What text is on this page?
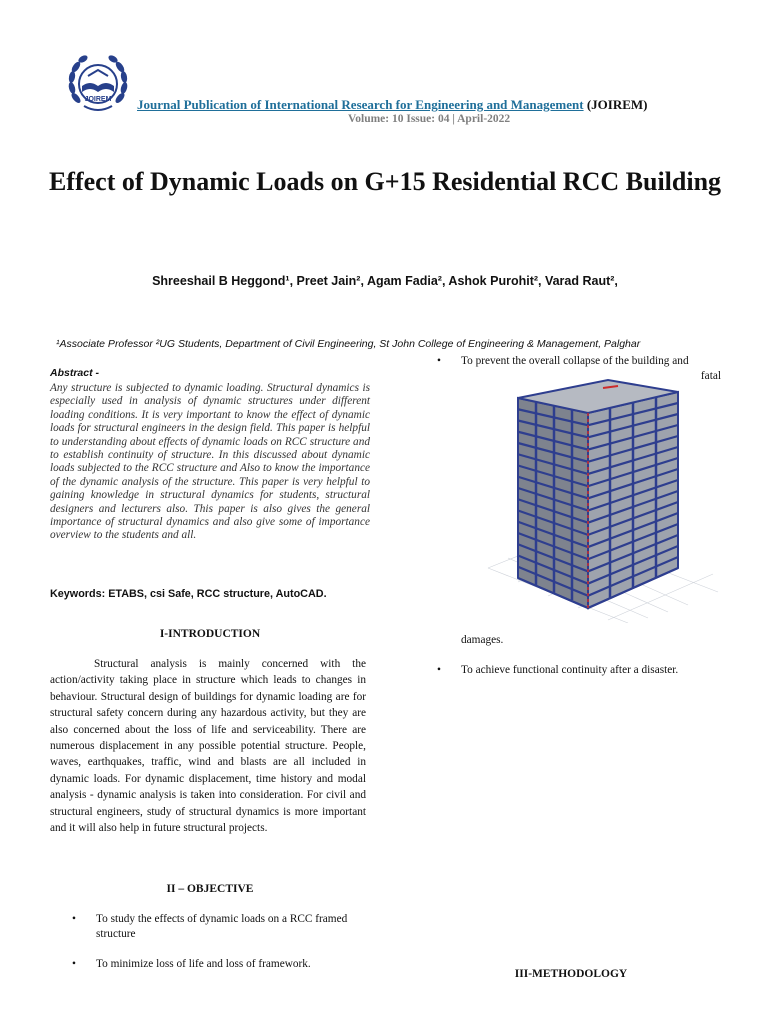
JOIREM Journal Publication of International Research for Engineering and Management (JOIREM)
Volume: 10 Issue: 04 | April-2022
Effect of Dynamic Loads on G+15 Residential RCC Building
Shreeshail B Heggond¹, Preet Jain², Agam Fadia², Ashok Purohit², Varad Raut²,
¹Associate Professor ²UG Students, Department of Civil Engineering, St John College of Engineering & Management, Palghar
Abstract -
Any structure is subjected to dynamic loading. Structural dynamics is especially used in analysis of dynamic structures under different loading conditions. It is very important to know the effect of dynamic loads for structural engineers in the design field. This paper is helpful to understanding about effects of dynamic loads on RCC structure and to establish continuity of structure. In this discussed about dynamic loads subjected to the RCC structure and Also to know the importance of the dynamic analysis of the structure. This paper is very helpful to gaining knowledge in structural dynamics for students, structural designers and lecturers also. This paper is also gives the general importance of structural dynamics and also give some of importance overview to the students and all.
Keywords: ETABS, csi Safe, RCC structure, AutoCAD.
I-INTRODUCTION
Structural analysis is mainly concerned with the action/activity taking place in structure which leads to changes in behaviour. Structural design of buildings for dynamic loading are for structural safety concern during any hazardous activity, but they are also concerned about the loss of life and serviceability. There are numerous displacement in any possible potential structure. People, waves, earthquakes, traffic, wind and blasts are all included in dynamic loads. For dynamic displacement, time history and modal analysis - dynamic analysis is taken into consideration. For civil and structural engineers, study of structural dynamics is more important and it will also help in future structural projects.
II – OBJECTIVE
• To study the effects of dynamic loads on a RCC framed structure
• To minimize loss of life and loss of framework.
• To prevent the overall collapse of the building and
fatal
damages.
• To achieve functional continuity after a disaster.
III-METHODOLOGY
